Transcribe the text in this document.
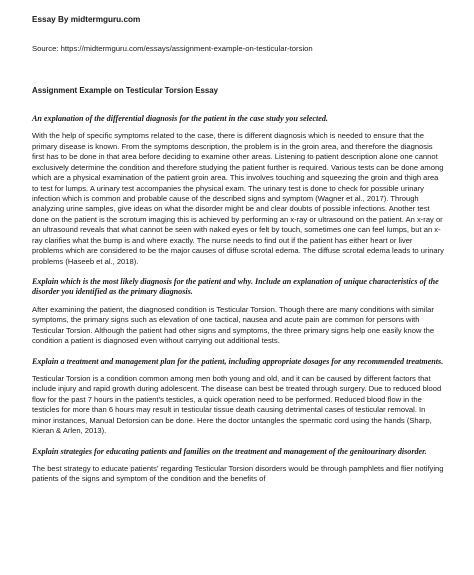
Essay By midtermguru.com
Source: https://midtermguru.com/essays/assignment-example-on-testicular-torsion
Assignment Example on Testicular Torsion Essay

An explanation of the differential diagnosis for the patient in the case study you selected.

With the help of specific symptoms related to the case, there is different diagnosis which is needed to ensure that the primary disease is known. From the symptoms description, the problem is in the groin area, and therefore the diagnosis first has to be done in that area before deciding to examine other areas. Listening to patient description alone one cannot exclusively determine the condition and therefore studying the patient further is required. Various tests can be done among which are a physical examination of the patient groin area. This involves touching and squeezing the groin and thigh area to test for lumps. A urinary test accompanies the physical exam. The urinary test is done to check for possible urinary infection which is common and probable cause of the described signs and symptom (Wagner et al., 2017). Through analyzing urine samples, give ideas on what the disorder might be and clear doubts of possible infections. Another test done on the patient is the scrotum imaging this is achieved by performing an x-ray or ultrasound on the patient. An x-ray or an ultrasound reveals that what cannot be seen with naked eyes or felt by touch, sometimes one can feel lumps, but an x-ray clarifies what the bump is and where exactly. The nurse needs to find out if the patient has either heart or liver problems which are considered to be the major causes of diffuse scrotal edema. The diffuse scrotal edema leads to urinary problems (Haseeb et al., 2018).

Explain which is the most likely diagnosis for the patient and why. Include an explanation of unique characteristics of the disorder you identified as the primary diagnosis.

After examining the patient, the diagnosed condition is Testicular Torsion. Though there are many conditions with similar symptoms, the primary signs such as elevation of one tactical, nausea and acute pain are common for persons with Testicular Torsion. Although the patient had other signs and symptoms, the three primary signs help one easily know the condition a patient is diagnosed even without carrying out additional tests.

Explain a treatment and management plan for the patient, including appropriate dosages for any recommended treatments.

Testicular Torsion is a condition common among men both young and old, and it can be caused by different factors that include injury and rapid growth during adolescent. The disease can best be treated through surgery. Due to reduced blood flow for the past 7 hours in the patient's testicles, a quick operation need to be performed. Reduced blood flow in the testicles for more than 6 hours may result in testicular tissue death causing detrimental cases of testicular removal. In minor instances, Manual Detorsion can be done. Here the doctor untangles the spermatic cord using the hands (Sharp, Kieran & Arlen, 2013).

Explain strategies for educating patients and families on the treatment and management of the genitourinary disorder.

The best strategy to educate patients' regarding Testicular Torsion disorders would be through pamphlets and flier notifying patients of the signs and symptom of the condition and the benefits of
